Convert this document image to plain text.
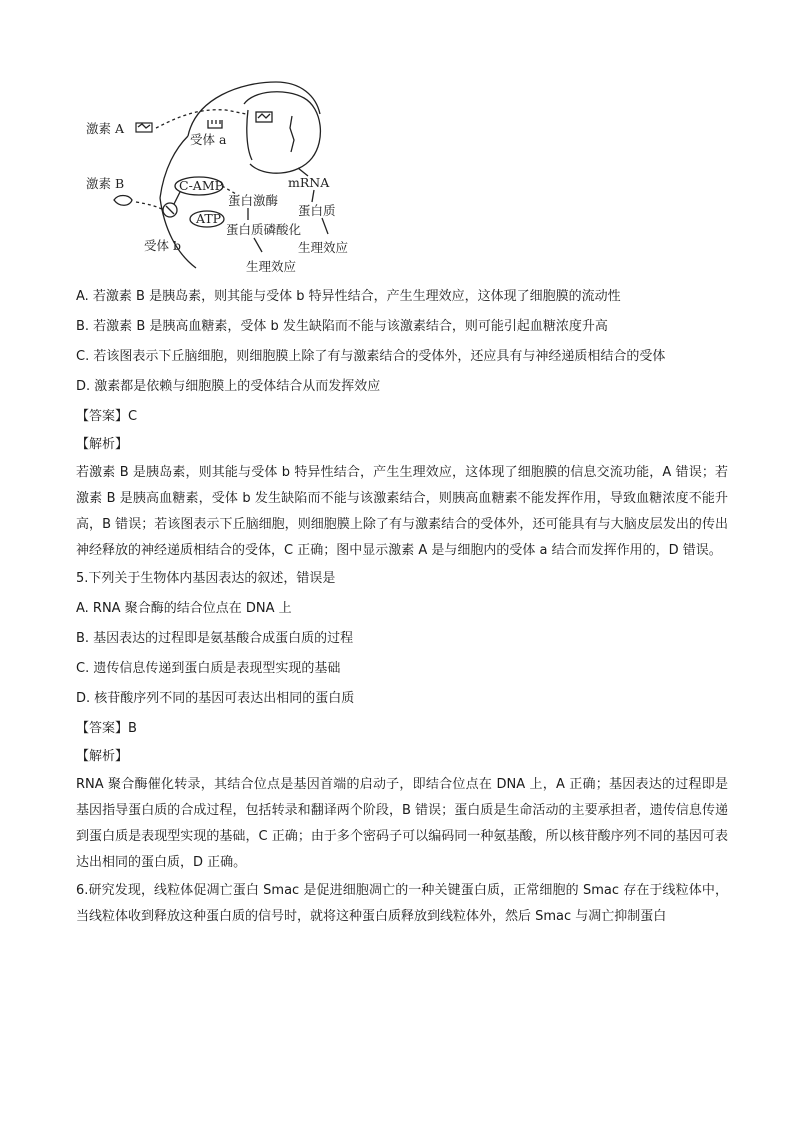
激素 A
受体 a
激素 B	C-AMP
ATP
mRNA
蛋白激酶
蛋白质
蛋白质磷酸化
受体 b	生理效应
生理效应
A. 若激素 B 是胰岛素，则其能与受体 b 特异性结合，产生生理效应，这体现了细胞膜的流动性
B. 若激素 B 是胰高血糖素，受体 b 发生缺陷而不能与该激素结合，则可能引起血糖浓度升高
C. 若该图表示下丘脑细胞，则细胞膜上除了有与激素结合的受体外，还应具有与神经递质相结合的受体
D. 激素都是依赖与细胞膜上的受体结合从而发挥效应
【答案】C
【解析】
若激素 B 是胰岛素，则其能与受体 b 特异性结合，产生生理效应，这体现了细胞膜的信息交流功能，A 错误；若激素 B 是胰高血糖素，受体 b 发生缺陷而不能与该激素结合，则胰高血糖素不能发挥作用，导致血糖浓度不能升高，B 错误；若该图表示下丘脑细胞，则细胞膜上除了有与激素结合的受体外，还可能具有与大脑皮层发出的传出神经释放的神经递质相结合的受体，C 正确；图中显示激素 A 是与细胞内的受体 a 结合而发挥作用的，D 错误。
5.下列关于生物体内基因表达的叙述，错误是
A. RNA 聚合酶的结合位点在 DNA 上
B. 基因表达的过程即是氨基酸合成蛋白质的过程
C. 遗传信息传递到蛋白质是表现型实现的基础
D. 核苷酸序列不同的基因可表达出相同的蛋白质
【答案】B
【解析】
RNA 聚合酶催化转录，其结合位点是基因首端的启动子，即结合位点在 DNA 上，A 正确；基因表达的过程即是基因指导蛋白质的合成过程，包括转录和翻译两个阶段，B 错误；蛋白质是生命活动的主要承担者，遗传信息传递到蛋白质是表现型实现的基础，C 正确；由于多个密码子可以编码同一种氨基酸，所以核苷酸序列不同的基因可表达出相同的蛋白质，D 正确。
6.研究发现，线粒体促凋亡蛋白 Smac 是促进细胞凋亡的一种关键蛋白质，正常细胞的 Smac 存在于线粒体中，当线粒体收到释放这种蛋白质的信号时，就将这种蛋白质释放到线粒体外，然后 Smac 与凋亡抑制蛋白
